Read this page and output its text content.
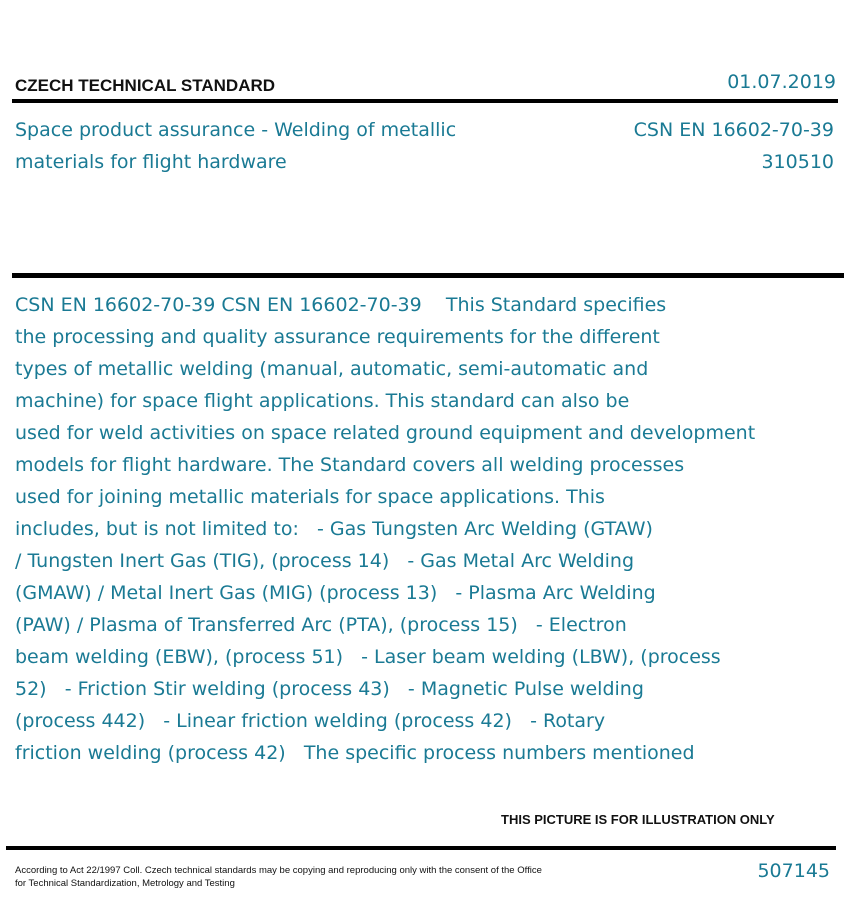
CZECH TECHNICAL STANDARD	01.07.2019
Space product assurance - Welding of metallic
materials for flight hardware
CSN EN 16602-70-39
310510
CSN EN 16602-70-39 CSN EN 16602-70-39    This Standard specifies
the processing and quality assurance requirements for the different
types of metallic welding (manual, automatic, semi-automatic and
machine) for space flight applications. This standard can also be
used for weld activities on space related ground equipment and development
models for flight hardware. The Standard covers all welding processes
used for joining metallic materials for space applications. This
includes, but is not limited to:   - Gas Tungsten Arc Welding (GTAW)
/ Tungsten Inert Gas (TIG), (process 14)   - Gas Metal Arc Welding
(GMAW) / Metal Inert Gas (MIG) (process 13)   - Plasma Arc Welding
(PAW) / Plasma of Transferred Arc (PTA), (process 15)   - Electron
beam welding (EBW), (process 51)   - Laser beam welding (LBW), (process
52)   - Friction Stir welding (process 43)   - Magnetic Pulse welding
(process 442)   - Linear friction welding (process 42)   - Rotary
friction welding (process 42)   The specific process numbers mentioned
THIS PICTURE IS FOR ILLUSTRATION ONLY
According to Act 22/1997 Coll. Czech technical standards may be copying and reproducing only with the consent of the Office
for Technical Standardization, Metrology and Testing
507145
